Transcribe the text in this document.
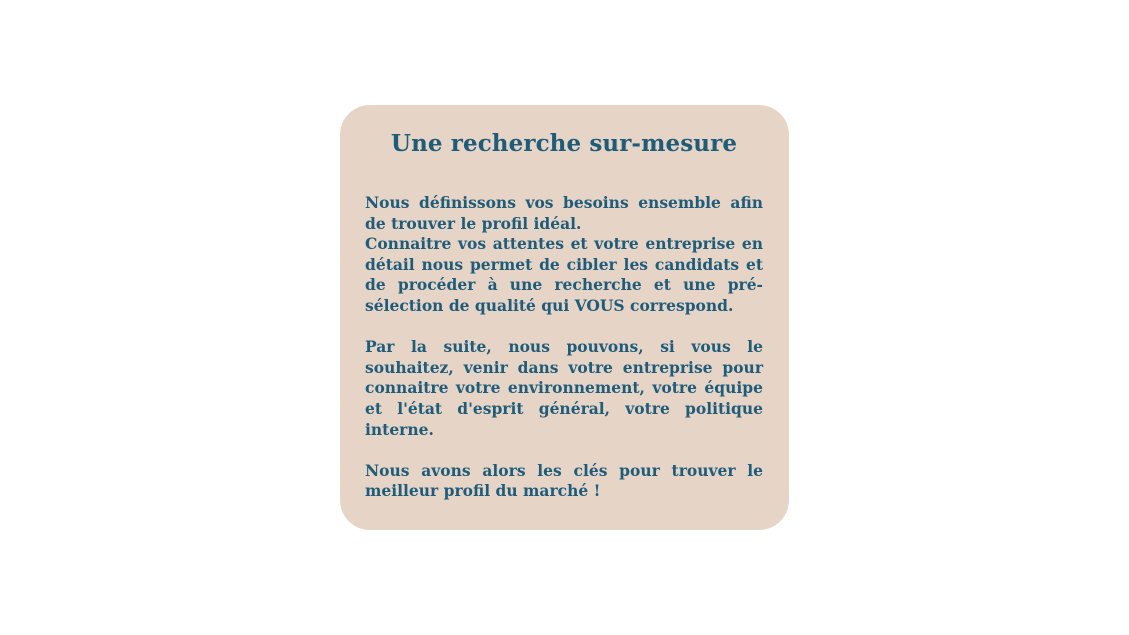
Une recherche sur-mesure

Nous définissons vos besoins ensemble afin de trouver le profil idéal.

Connaitre vos attentes et votre entreprise en détail nous permet de cibler les candidats et de procéder à une recherche et une pré-sélection de qualité qui VOUS correspond.

Par la suite, nous pouvons, si vous le souhaitez, venir dans votre entreprise pour connaitre votre environnement, votre équipe et l'état d'esprit général, votre politique interne.

Nous avons alors les clés pour trouver le meilleur profil du marché !
